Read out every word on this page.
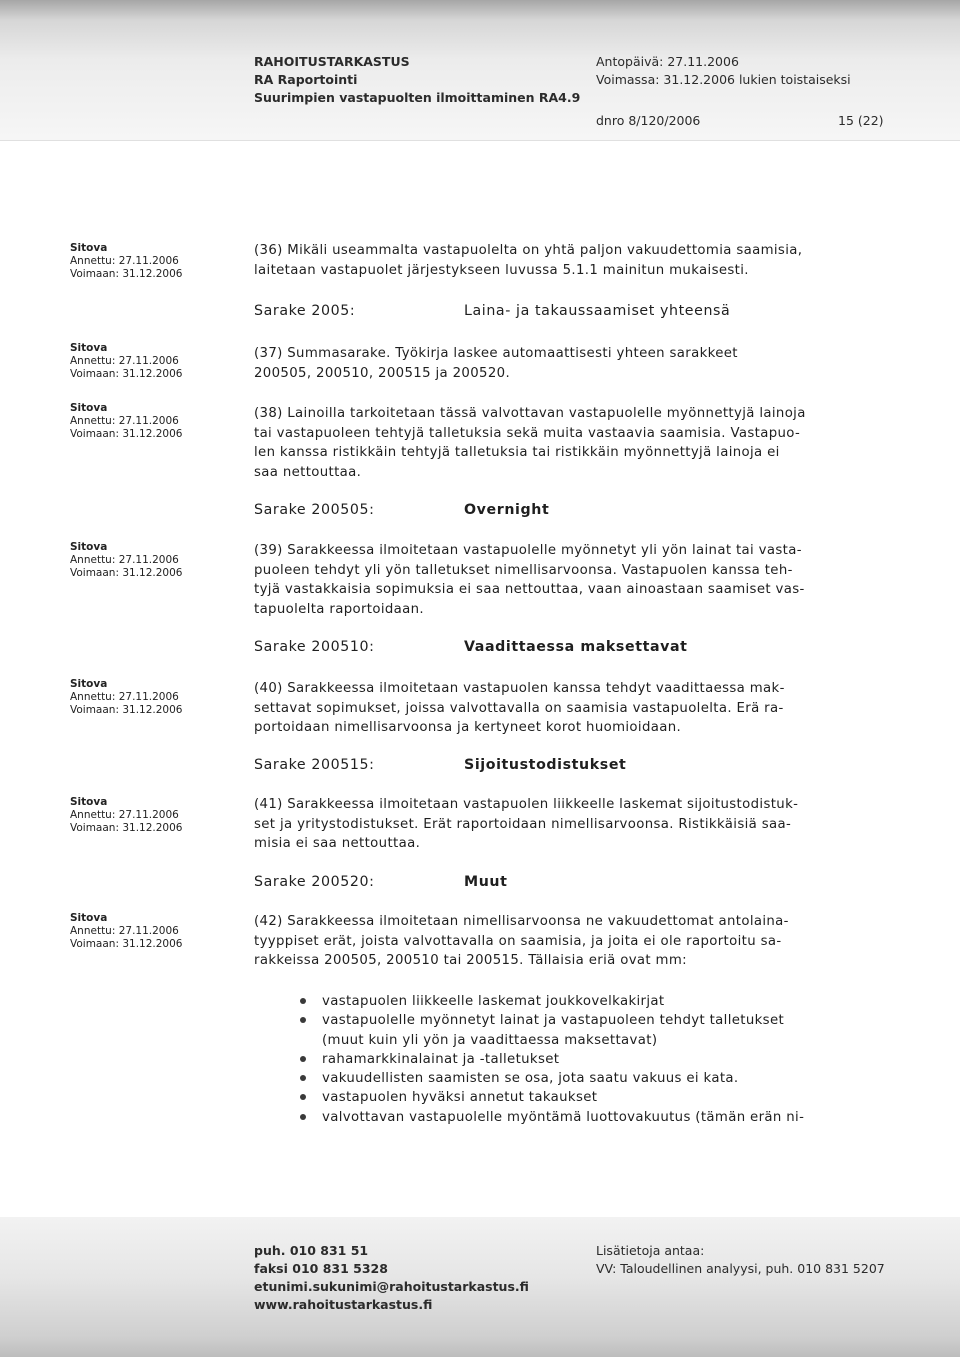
RAHOITUSTARKASTUS
RA Raportointi
Suurimpien vastapuolten ilmoittaminen RA4.9
Antopäivä: 27.11.2006
Voimassa: 31.12.2006 lukien toistaiseksi
dnro 8/120/2006	15 (22)
Sitova
Annettu: 27.11.2006
Voimaan: 31.12.2006
(36) Mikäli useammalta vastapuolelta on yhtä paljon vakuudettomia saamisia,
laitetaan vastapuolet järjestykseen luvussa 5.1.1 mainitun mukaisesti.
Sarake 2005:	Laina- ja takaussaamiset yhteensä
Sitova
Annettu: 27.11.2006
Voimaan: 31.12.2006
(37) Summasarake. Työkirja laskee automaattisesti yhteen sarakkeet
200505, 200510, 200515 ja 200520.
Sitova
Annettu: 27.11.2006
Voimaan: 31.12.2006
(38) Lainoilla tarkoitetaan tässä valvottavan vastapuolelle myönnettyjä lainoja
tai vastapuoleen tehtyjä talletuksia sekä muita vastaavia saamisia. Vastapuo-
len kanssa ristikkäin tehtyjä talletuksia tai ristikkäin myönnettyjä lainoja ei
saa nettouttaa.
Sarake 200505:	Overnight
Sitova
Annettu: 27.11.2006
Voimaan: 31.12.2006
(39) Sarakkeessa ilmoitetaan vastapuolelle myönnetyt yli yön lainat tai vasta-
puoleen tehdyt yli yön talletukset nimellisarvoonsa. Vastapuolen kanssa teh-
tyjä vastakkaisia sopimuksia ei saa nettouttaa, vaan ainoastaan saamiset vas-
tapuolelta raportoidaan.
Sarake 200510:	Vaadittaessa maksettavat
Sitova
Annettu: 27.11.2006
Voimaan: 31.12.2006
(40) Sarakkeessa ilmoitetaan vastapuolen kanssa tehdyt vaadittaessa mak-
settavat sopimukset, joissa valvottavalla on saamisia vastapuolelta. Erä ra-
portoidaan nimellisarvoonsa ja kertyneet korot huomioidaan.
Sarake 200515:	Sijoitustodistukset
Sitova
Annettu: 27.11.2006
Voimaan: 31.12.2006
(41) Sarakkeessa ilmoitetaan vastapuolen liikkeelle laskemat sijoitustodistuk-
set ja yritystodistukset. Erät raportoidaan nimellisarvoonsa. Ristikkäisiä saa-
misia ei saa nettouttaa.
Sarake 200520:	Muut
Sitova
Annettu: 27.11.2006
Voimaan: 31.12.2006
(42) Sarakkeessa ilmoitetaan nimellisarvoonsa ne vakuudettomat antolaina-
tyyppiset erät, joista valvottavalla on saamisia, ja joita ei ole raportoitu sa-
rakkeissa 200505, 200510 tai 200515. Tällaisia eriä ovat mm:
vastapuolen liikkeelle laskemat joukkovelkakirjat
vastapuolelle myönnetyt lainat ja vastapuoleen tehdyt talletukset
(muut kuin yli yön ja vaadittaessa maksettavat)
rahamarkkinalainat ja -talletukset
vakuudellisten saamisten se osa, jota saatu vakuus ei kata.
vastapuolen hyväksi annetut takaukset
valvottavan vastapuolelle myöntämä luottovakuutus (tämän erän ni-
puh. 010 831 51
faksi 010 831 5328
etunimi.sukunimi@rahoitustarkastus.fi
www.rahoitustarkastus.fi
Lisätietoja antaa:
VV: Taloudellinen analyysi, puh. 010 831 5207
